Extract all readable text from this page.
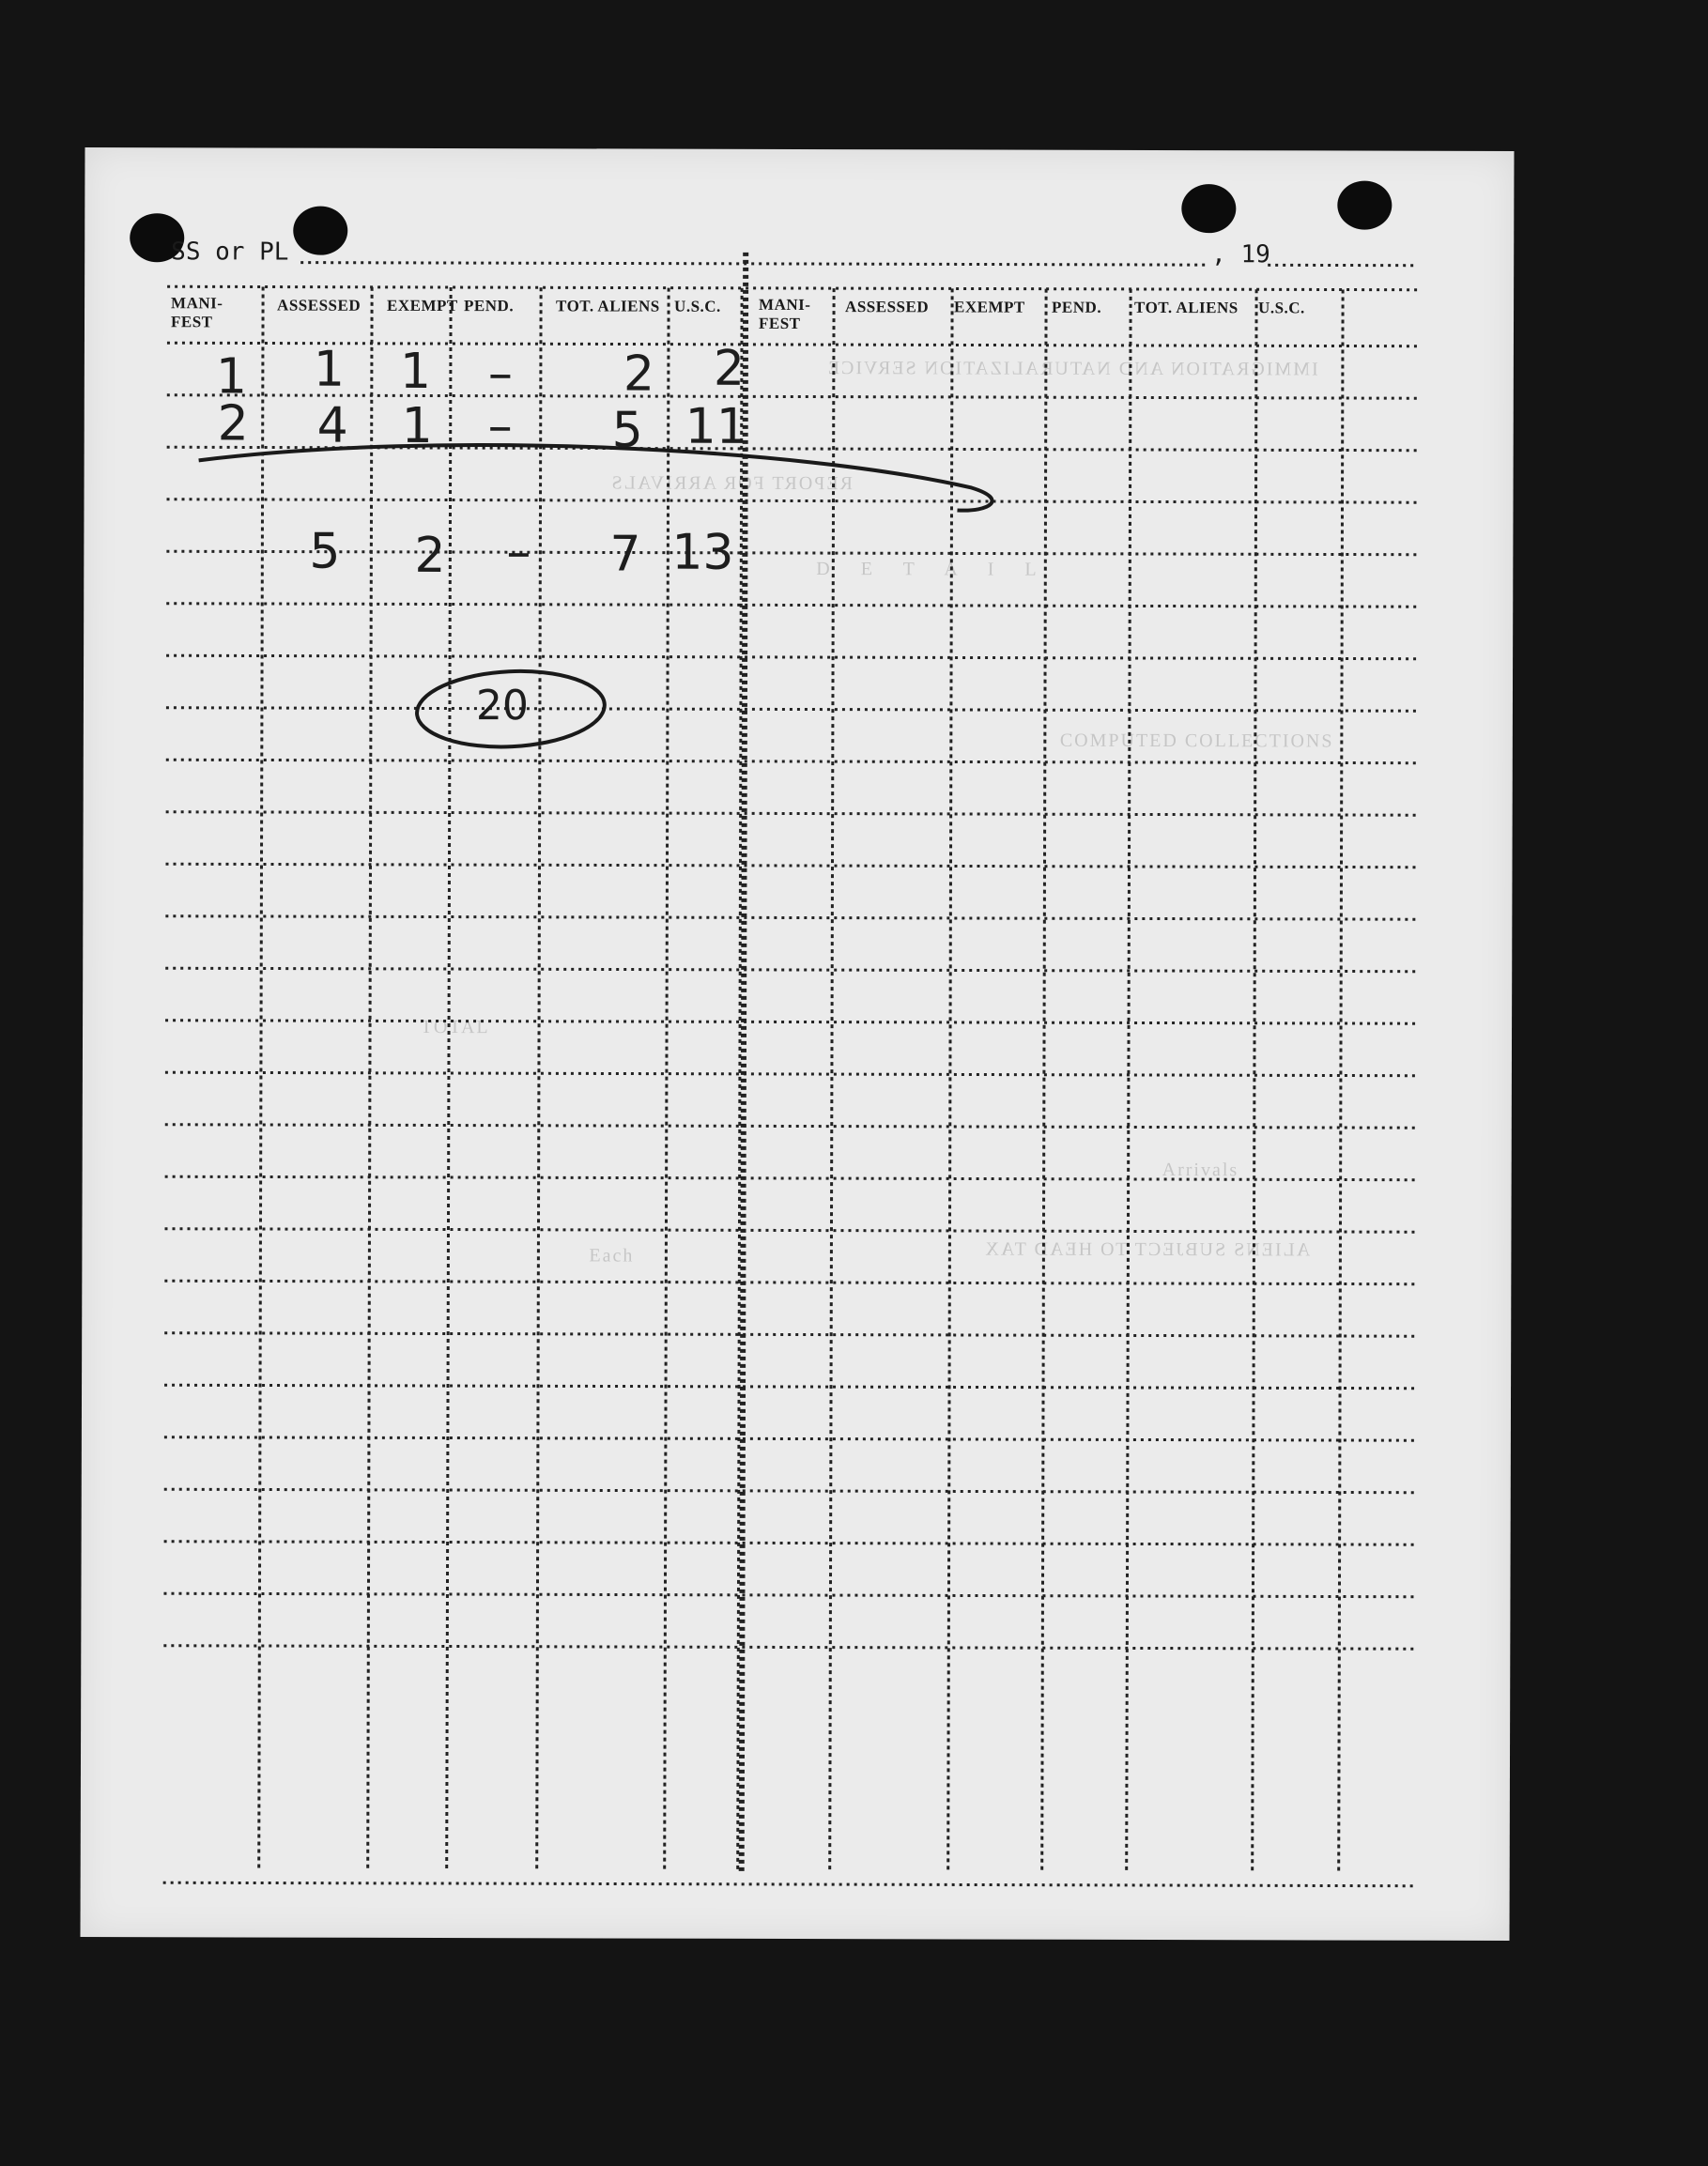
IMMIGRATION AND NATURALIZATION SERVICE
REPORT FOR ARRIVALS
D E T A I L
COMPUTED COLLECTIONS
TOTAL
Arrivals
ALIENS SUBJECT TO HEAD TAX
Each
SS or PL	, 19
MANI-FEST
ASSESSED EXEMPT PEND.	TOT. ALIENS U.S.C. MANI-FEST
ASSESSED EXEMPT PEND. TOT. ALIENS U.S.C.
1 1 1 – 2 2
2 4 1 – 5 11
5 2 – 7 13
20
